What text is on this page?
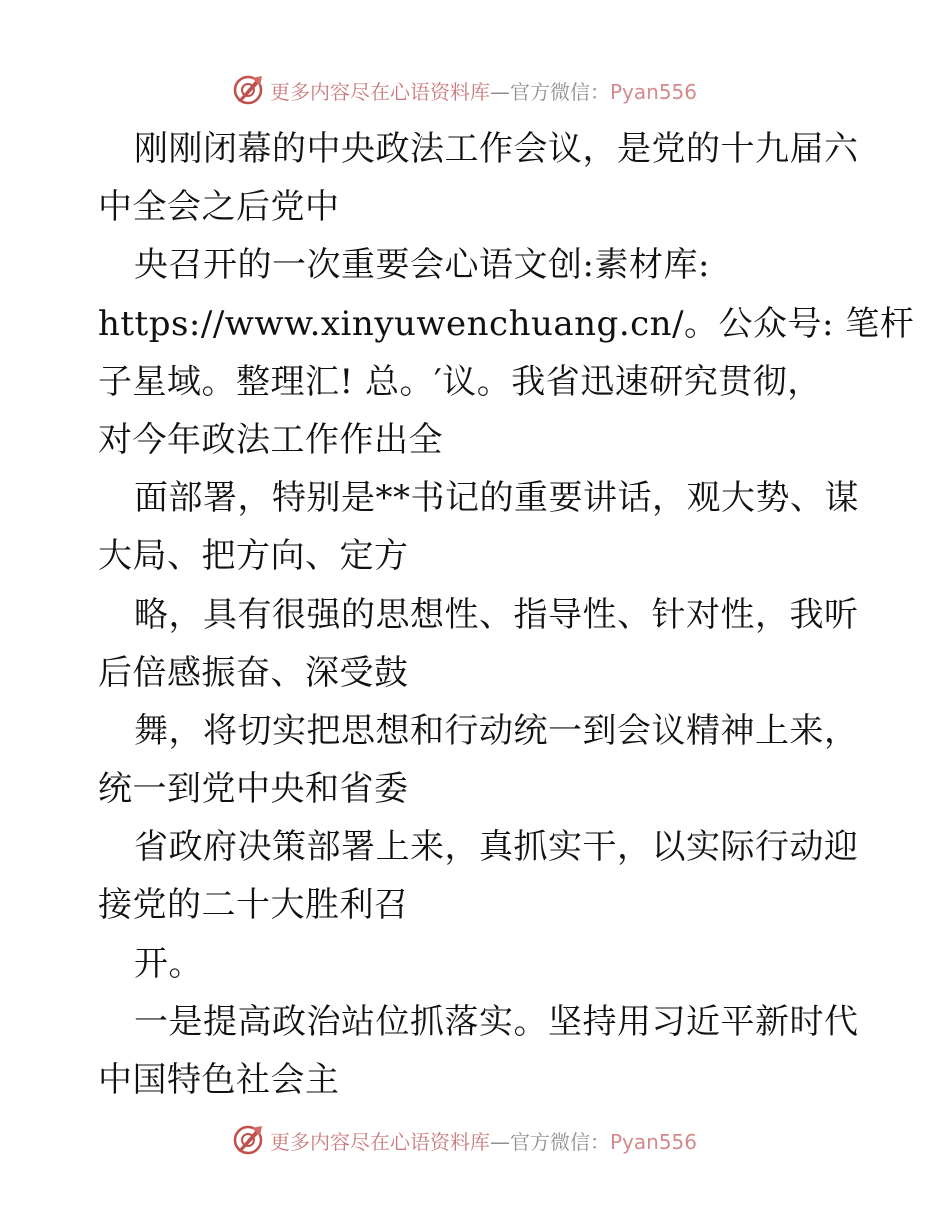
更多内容尽在心语资料库—官方微信：Pyan556
刚刚闭幕的中央政法工作会议，是党的十九届六
中全会之后党中
央召开的一次重要会心语文创:素材库:
https://www.xinyuwenchuang.cn/。公众号: 笔杆
子星域。整理汇! 总。′议。我省迅速研究贯彻，
对今年政法工作作出全
面部署，特别是**书记的重要讲话，观大势、谋
大局、把方向、定方
略，具有很强的思想性、指导性、针对性，我听
后倍感振奋、深受鼓
舞，将切实把思想和行动统一到会议精神上来，
统一到党中央和省委
省政府决策部署上来，真抓实干，以实际行动迎
接党的二十大胜利召
开。
一是提高政治站位抓落实。坚持用习近平新时代
中国特色社会主
更多内容尽在心语资料库—官方微信：Pyan556
